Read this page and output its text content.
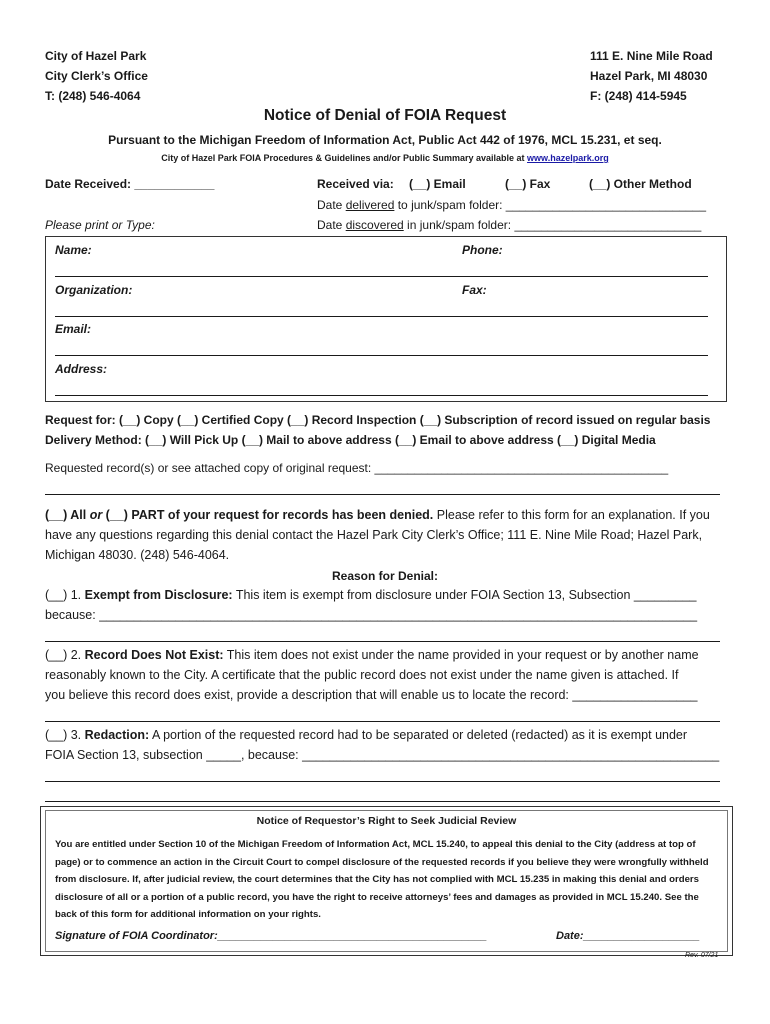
City of Hazel Park
City Clerk’s Office
T: (248) 546-4064
111 E. Nine Mile Road
Hazel Park, MI 48030
F: (248) 414-5945
Notice of Denial of FOIA Request
Pursuant to the Michigan Freedom of Information Act, Public Act 442 of 1976, MCL 15.231, et seq.
City of Hazel Park FOIA Procedures & Guidelines and/or Public Summary available at www.hazelpark.org
Date Received: ____________	Received via: (__) Email	(__) Fax	(__) Other Method
Date delivered to junk/spam folder: ______________________________
Please print or Type:	Date discovered in junk/spam folder: ____________________________
Name:	Phone:
Organization:	Fax:
Email:
Address:
Request for: (__) Copy (__) Certified Copy (__) Record Inspection (__) Subscription of record issued on regular basis
Delivery Method: (__) Will Pick Up (__) Mail to above address (__) Email to above address (__) Digital Media
Requested record(s) or see attached copy of original request: ____________________________________________
(__) All or (__) PART of your request for records has been denied. Please refer to this form for an explanation. If you
have any questions regarding this denial contact the Hazel Park City Clerk’s Office; 111 E. Nine Mile Road; Hazel Park,
Michigan 48030. (248) 546-4064.
Reason for Denial:
(__) 1. Exempt from Disclosure: This item is exempt from disclosure under FOIA Section 13, Subsection _________
because: ______________________________________________________________________________________
(__) 2. Record Does Not Exist: This item does not exist under the name provided in your request or by another name
reasonably known to the City. A certificate that the public record does not exist under the name given is attached. If
you believe this record does exist, provide a description that will enable us to locate the record: __________________
(__) 3. Redaction: A portion of the requested record had to be separated or deleted (redacted) as it is exempt under
FOIA Section 13, subsection _____, because: ____________________________________________________________
Notice of Requestor’s Right to Seek Judicial Review
You are entitled under Section 10 of the Michigan Freedom of Information Act, MCL 15.240, to appeal this denial to the City (address at top of page) or to commence an action in the Circuit Court to compel disclosure of the requested records if you believe they were wrongfully withheld from disclosure. If, after judicial review, the court determines that the City has not complied with MCL 15.235 in making this denial and orders disclosure of all or a portion of a public record, you have the right to receive attorneys’ fees and damages as provided in MCL 15.240. See the back of this form for additional information on your rights.
Signature of FOIA Coordinator:____________________________________________	Date:___________________
Rev. 07/21
